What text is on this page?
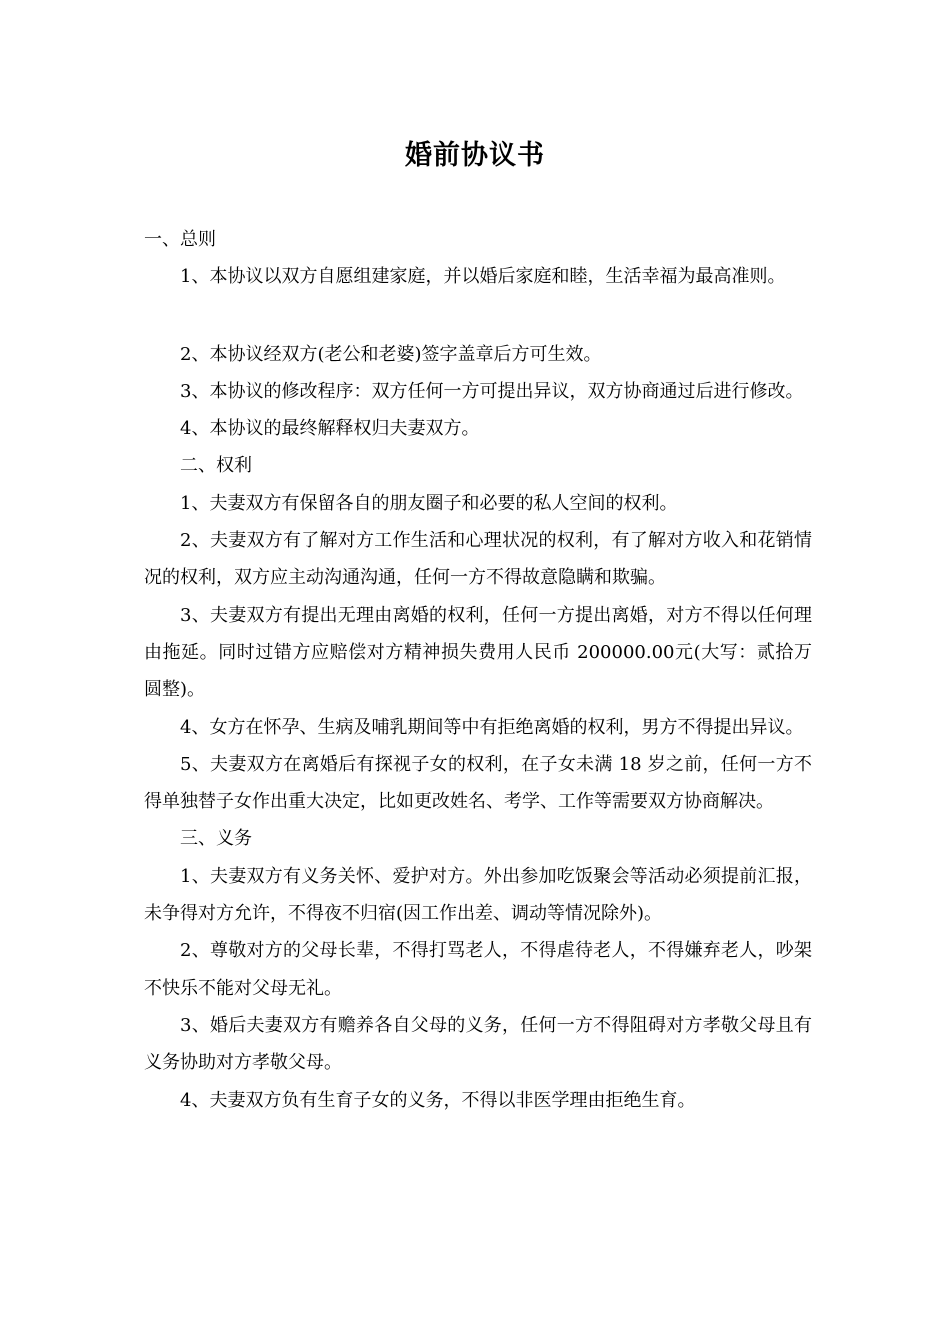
婚前协议书

一、总则

1、本协议以双方自愿组建家庭，并以婚后家庭和睦，生活幸福为最高准则。

2、本协议经双方(老公和老婆)签字盖章后方可生效。

3、本协议的修改程序：双方任何一方可提出异议，双方协商通过后进行修改。

4、本协议的最终解释权归夫妻双方。

二、权利

1、夫妻双方有保留各自的朋友圈子和必要的私人空间的权利。

2、夫妻双方有了解对方工作生活和心理状况的权利，有了解对方收入和花销情况的权利，双方应主动沟通沟通，任何一方不得故意隐瞒和欺骗。

3、夫妻双方有提出无理由离婚的权利，任何一方提出离婚，对方不得以任何理由拖延。同时过错方应赔偿对方精神损失费用人民币 200000.00元(大写：贰拾万圆整)。

4、女方在怀孕、生病及哺乳期间等中有拒绝离婚的权利，男方不得提出异议。

5、夫妻双方在离婚后有探视子女的权利，在子女未满 18 岁之前，任何一方不得单独替子女作出重大决定，比如更改姓名、考学、工作等需要双方协商解决。

三、义务

1、夫妻双方有义务关怀、爱护对方。外出参加吃饭聚会等活动必须提前汇报，未争得对方允许，不得夜不归宿(因工作出差、调动等情况除外)。

2、尊敬对方的父母长辈，不得打骂老人，不得虐待老人，不得嫌弃老人，吵架不快乐不能对父母无礼。

3、婚后夫妻双方有赡养各自父母的义务，任何一方不得阻碍对方孝敬父母且有义务协助对方孝敬父母。

4、夫妻双方负有生育子女的义务，不得以非医学理由拒绝生育。
